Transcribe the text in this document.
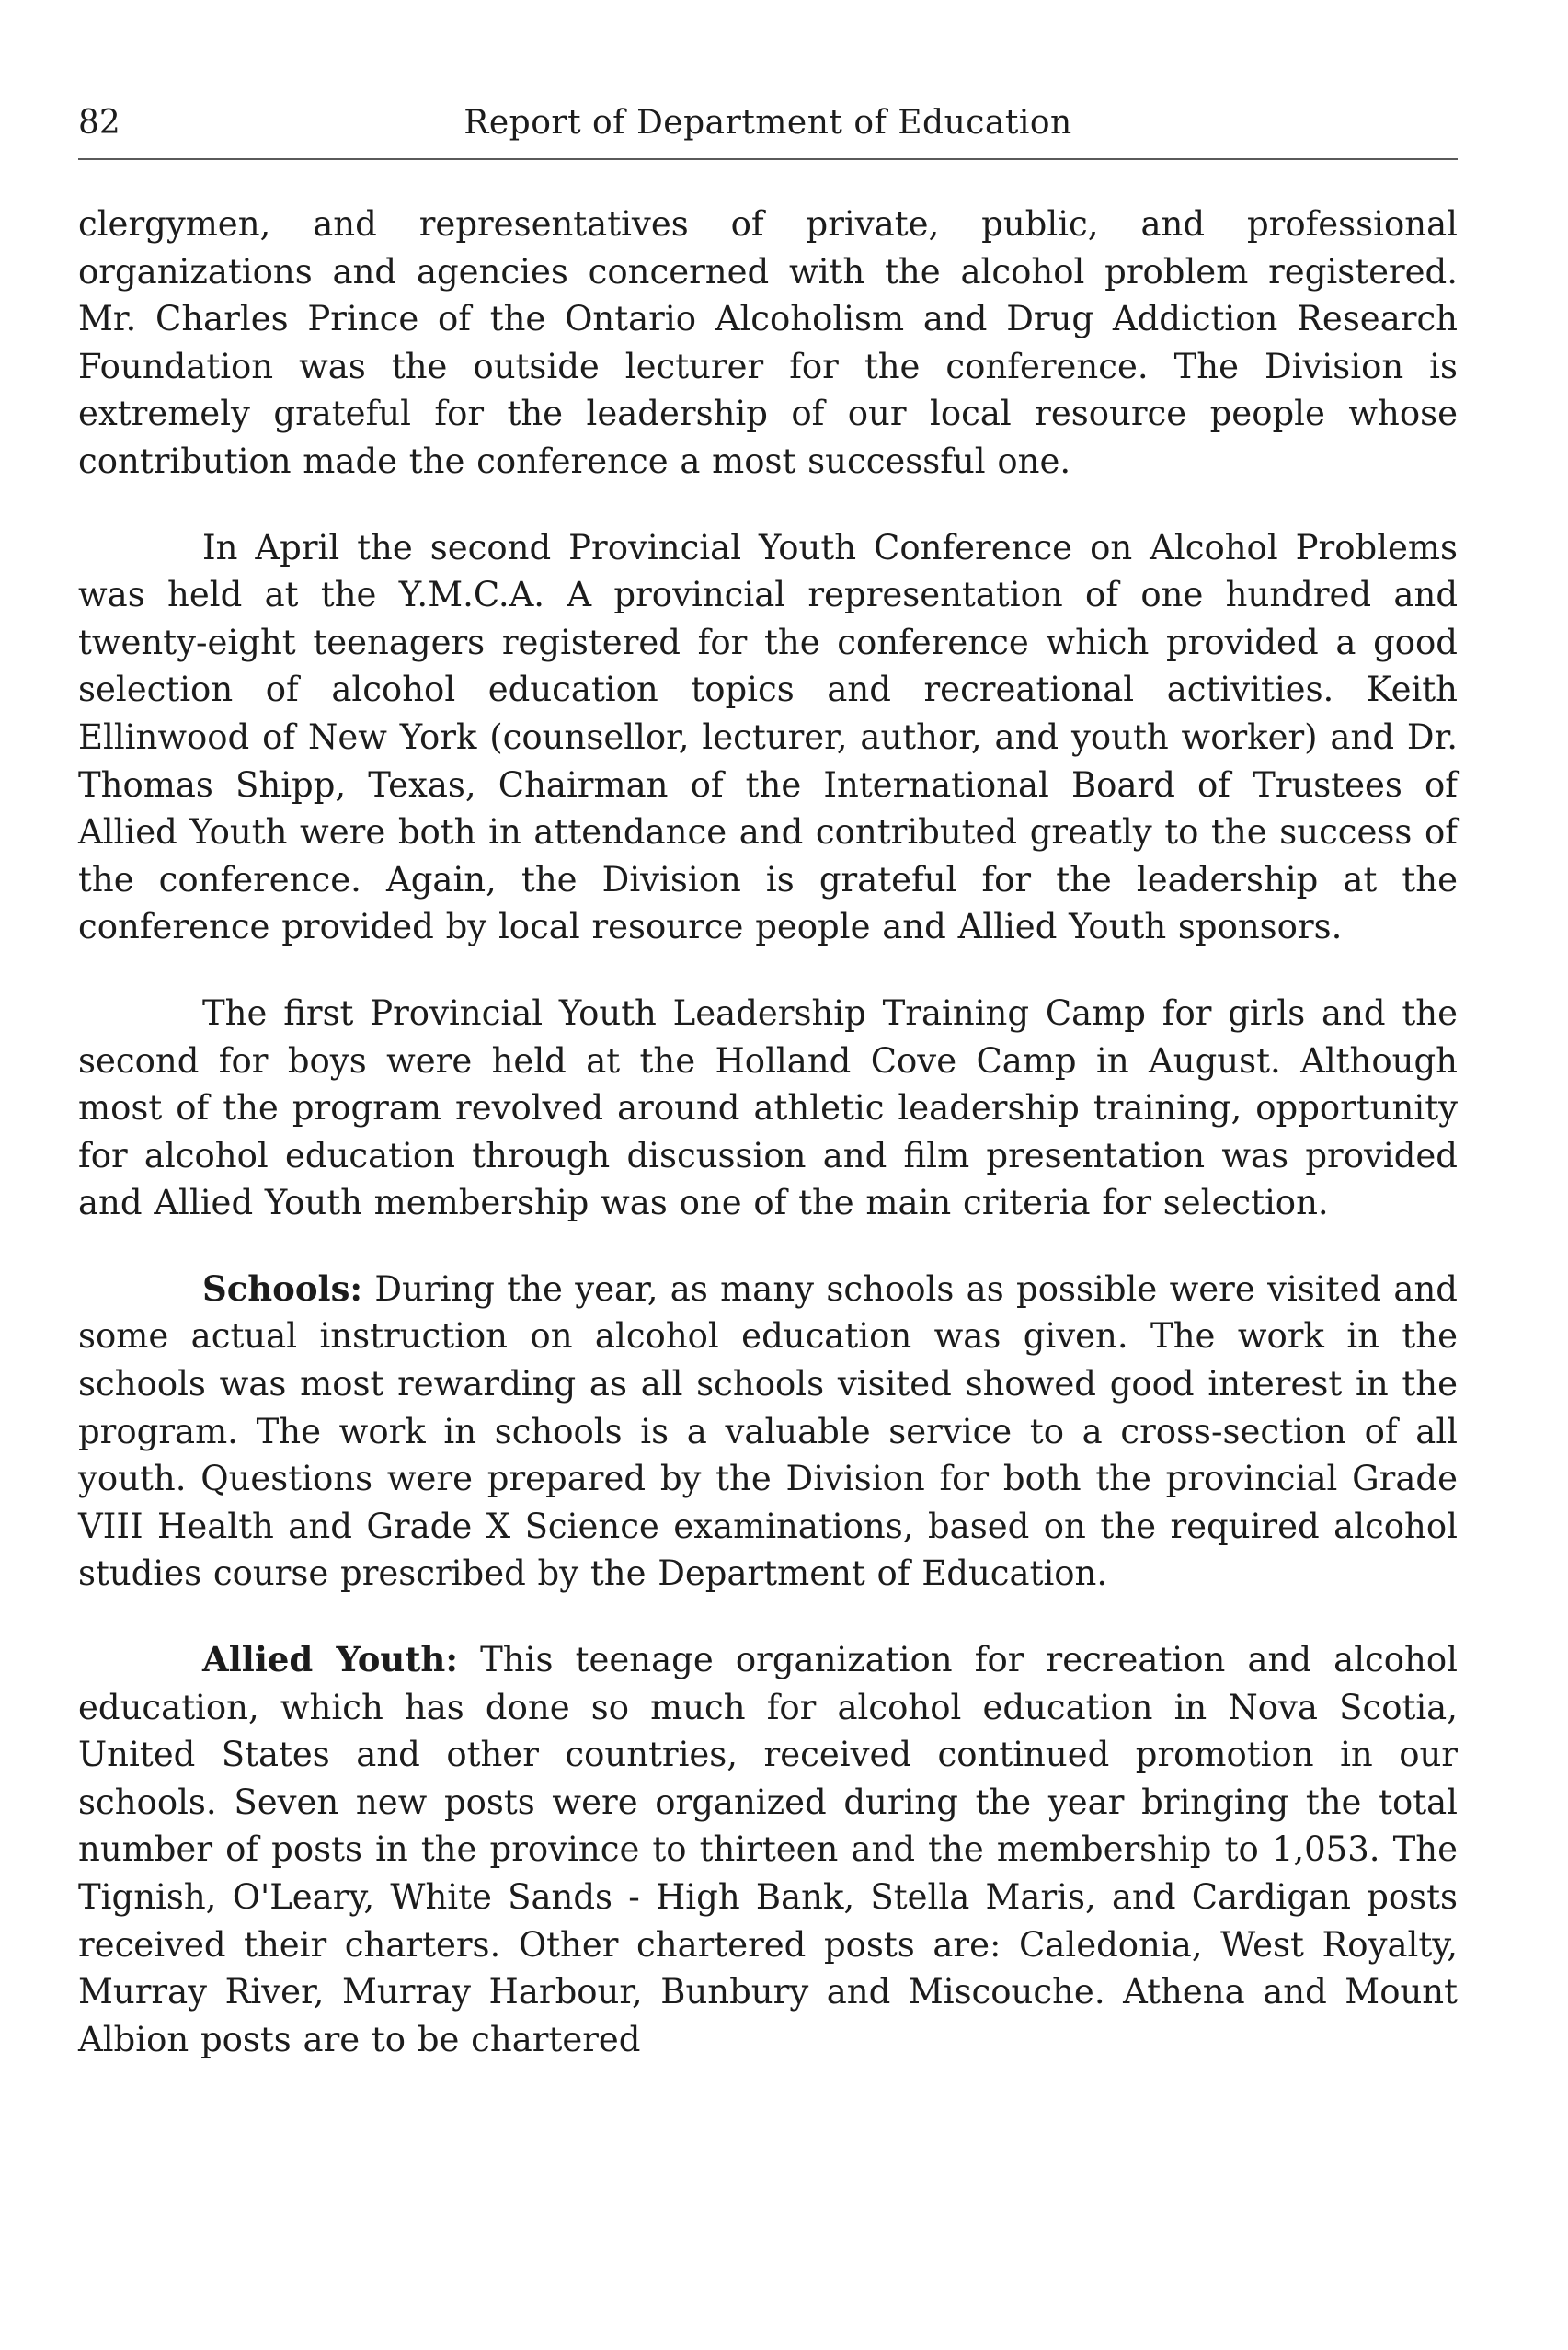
82	Report of Department of Education

clergymen, and representatives of private, public, and professional organizations and agencies concerned with the alcohol problem registered. Mr. Charles Prince of the Ontario Alcoholism and Drug Addiction Research Foundation was the outside lecturer for the conference. The Division is extremely grateful for the leadership of our local resource people whose contribution made the conference a most successful one.

In April the second Provincial Youth Conference on Alcohol Problems was held at the Y.M.C.A. A provincial representation of one hundred and twenty-eight teenagers registered for the conference which provided a good selection of alcohol education topics and recreational activities. Keith Ellinwood of New York (counsellor, lecturer, author, and youth worker) and Dr. Thomas Shipp, Texas, Chairman of the International Board of Trustees of Allied Youth were both in attendance and contributed greatly to the success of the conference. Again, the Division is grateful for the leadership at the conference provided by local resource people and Allied Youth sponsors.

The first Provincial Youth Leadership Training Camp for girls and the second for boys were held at the Holland Cove Camp in August. Although most of the program revolved around athletic leadership training, opportunity for alcohol education through discussion and film presentation was provided and Allied Youth membership was one of the main criteria for selection.

Schools: During the year, as many schools as possible were visited and some actual instruction on alcohol education was given. The work in the schools was most rewarding as all schools visited showed good interest in the program. The work in schools is a valuable service to a cross-section of all youth. Questions were prepared by the Division for both the provincial Grade VIII Health and Grade X Science examinations, based on the required alcohol studies course prescribed by the Department of Education.

Allied Youth: This teenage organization for recreation and alcohol education, which has done so much for alcohol education in Nova Scotia, United States and other countries, received continued promotion in our schools. Seven new posts were organized during the year bringing the total number of posts in the province to thirteen and the membership to 1,053. The Tignish, O'Leary, White Sands - High Bank, Stella Maris, and Cardigan posts received their charters. Other chartered posts are: Caledonia, West Royalty, Murray River, Murray Harbour, Bunbury and Miscouche. Athena and Mount Albion posts are to be chartered
